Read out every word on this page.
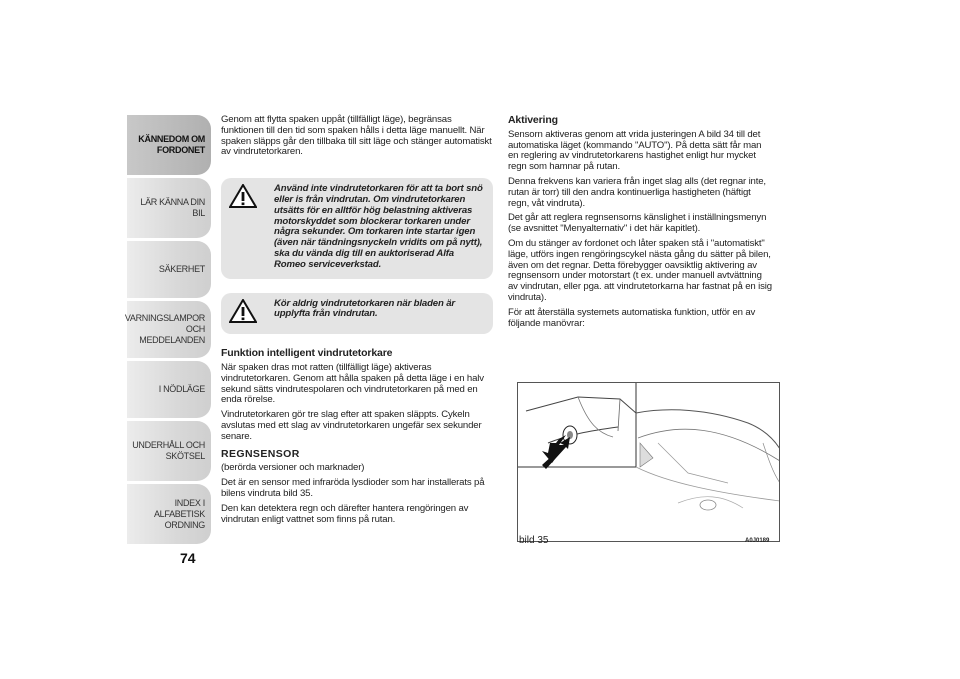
KÄNNEDOM OM
FORDONET
LÄR KÄNNA DIN BIL
SÄKERHET
VARNINGSLAMPOR
OCH MEDDELANDEN
I NÖDLÄGE
UNDERHÅLL OCH
SKÖTSEL
INDEX I ALFABETISK
ORDNING
74

Genom att flytta spaken uppåt (tillfälligt läge), begränsas funktionen till den tid som spaken hålls i detta läge manuellt. När spaken släpps går den tillbaka till sitt läge och stänger automatiskt av vindrutetorkaren.

Använd inte vindrutetorkaren för att ta bort snö eller is från vindrutan. Om vindrutetorkaren utsätts för en alltför hög belastning aktiveras motorskyddet som blockerar torkaren under några sekunder. Om torkaren inte startar igen (även när tändningsnyckeln vridits om på nytt), ska du vända dig till en auktoriserad Alfa Romeo serviceverkstad.
Kör aldrig vindrutetorkaren när bladen är upplyfta från vindrutan.

Funktion intelligent vindrutetorkare

När spaken dras mot ratten (tillfälligt läge) aktiveras vindrutetorkaren. Genom att hålla spaken på detta läge i en halv sekund sätts vindrutespolaren och vindrutetorkaren på med en enda rörelse.

Vindrutetorkaren gör tre slag efter att spaken släppts. Cykeln avslutas med ett slag av vindrutetorkaren ungefär sex sekunder senare.

REGNSENSOR

(berörda versioner och marknader)

Det är en sensor med infraröda lysdioder som har installerats på bilens vindruta bild 35.

Den kan detektera regn och därefter hantera rengöringen av vindrutan enligt vattnet som finns på rutan.

Aktivering

Sensorn aktiveras genom att vrida justeringen A bild 34 till det automatiska läget (kommando "AUTO"). På detta sätt får man en reglering av vindrutetorkarens hastighet enligt hur mycket regn som hamnar på rutan.

Denna frekvens kan variera från inget slag alls (det regnar inte, rutan är torr) till den andra kontinuerliga hastigheten (häftigt regn, våt vindruta).

Det går att reglera regnsensorns känslighet i inställningsmenyn (se avsnittet "Menyalternativ" i det här kapitlet).

Om du stänger av fordonet och låter spaken stå i "automatiskt" läge, utförs ingen rengöringscykel nästa gång du sätter på bilen, även om det regnar. Detta förebygger oavsiktlig aktivering av regnsensorn under motorstart (t ex. under manuell avtvättning av vindrutan, eller pga. att vindrutetorkarna har fastnat på en isig vindruta).

För att återställa systemets automatiska funktion, utför en av följande manövrar:

bild 35	A0J0189
